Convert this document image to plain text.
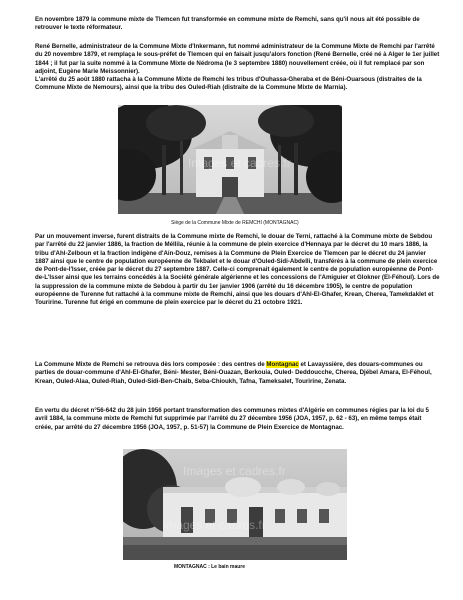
En novembre 1879 la commune mixte de Tlemcen fut transformée en commune mixte de Remchi, sans qu'il nous ait été possible de retrouver le texte réformateur.

René Bernelle, administrateur de la Commune Mixte d'Inkermann, fut nommé administrateur de la Commune Mixte de Remchi par l'arrêté du 20 novembre 1879, et remplaça le sous-préfet de Tlemcen qui en faisait jusqu'alors fonction (René Bernelle, créé né à Alger le 1er juillet 1844 ; il fut par la suite nommé à la Commune Mixte de Nédroma (le 3 septembre 1880) nouvellement créée, où il fut remplacé par son adjoint, Eugène Marie Meissonnier).

L'arrêté du 25 août 1880 rattacha à la Commune Mixte de Remchi les tribus d'Ouhassa-Gheraba et de Béni-Ouarsous (distraites de la Commune Mixte de Nemours), ainsi que la tribu des Ouled-Riah (distraite de la Commune Mixte de Marnia).

Images et cadres.fr
Siège de la Commune Mixte de REMCHI (MONTAGNAC)

Par un mouvement inverse, furent distraits de la Commune mixte de Remchi, le douar de Terni, rattaché à la Commune mixte de Sebdou par l'arrêté du 22 janvier 1886, la fraction de Méllila, réunie à la commune de plein exercice d'Hennaya par le décret du 10 mars 1886, la tribu d'Ahl-Zelboun et la fraction indigène d'Ain-Douz, remises à la Commune de Plein Exercice de Tlemcen par le décret du 24 janvier 1887 ainsi que le centre de population européenne de Tekbalet et le douar d'Ouled-Sidi-Abdelli, transférés à la commune de plein exercice de Pont-de-l'Isser, créée par le décret du 27 septembre 1887. Celle-ci comprenait également le centre de population européenne de Pont-de-L'Isser ainsi que les terrains concédés à la Société générale algérienne et les concessions de l'Amiguier et Glokner (El-Féhoul). Lors de la suppression de la commune mixte de Sebdou à partir du 1er janvier 1906 (arrêté du 16 décembre 1905), le centre de population européenne de Turenne fut rattaché à la commune mixte de Remchi, ainsi que les douars d'Ahl-El-Ghafer, Krean, Cherea, Tamekdaklet et Touririne. Turenne fut érigé en commune de plein exercice par le décret du 21 octobre 1921.

La Commune Mixte de Remchi se retrouva dès lors composée : des centres de Montagnac et Lavayssière, des douars-communes ou parties de douar-commune d'Ahl-El-Ghafer, Béni- Mester, Béni-Ouazan, Berkouia, Ouled- Deddoucche, Cherea, Djébel Amara, El-Féhoul, Krean, Ouled-Alaa, Ouled-Riah, Ouled-Sidi-Ben-Chaib, Seba-Chioukh, Tafna, Tameksalet, Touririne, Zenata.

En vertu du décret n°56-642 du 28 juin 1956 portant transformation des communes mixtes d'Algérie en communes régies par la loi du 5 avril 1884, la commune mixte de Remchi fut supprimée par l'arrêté du 27 décembre 1956 (JOA, 1957, p. 62 - 63), en même temps était créée, par arrêté du 27 décembre 1956 (JOA, 1957, p. 51-57) la Commune de Plein Exercice de Montagnac.

Images et cadres.fr
Images et cadres.fr
MONTAGNAC : Le bain maure
